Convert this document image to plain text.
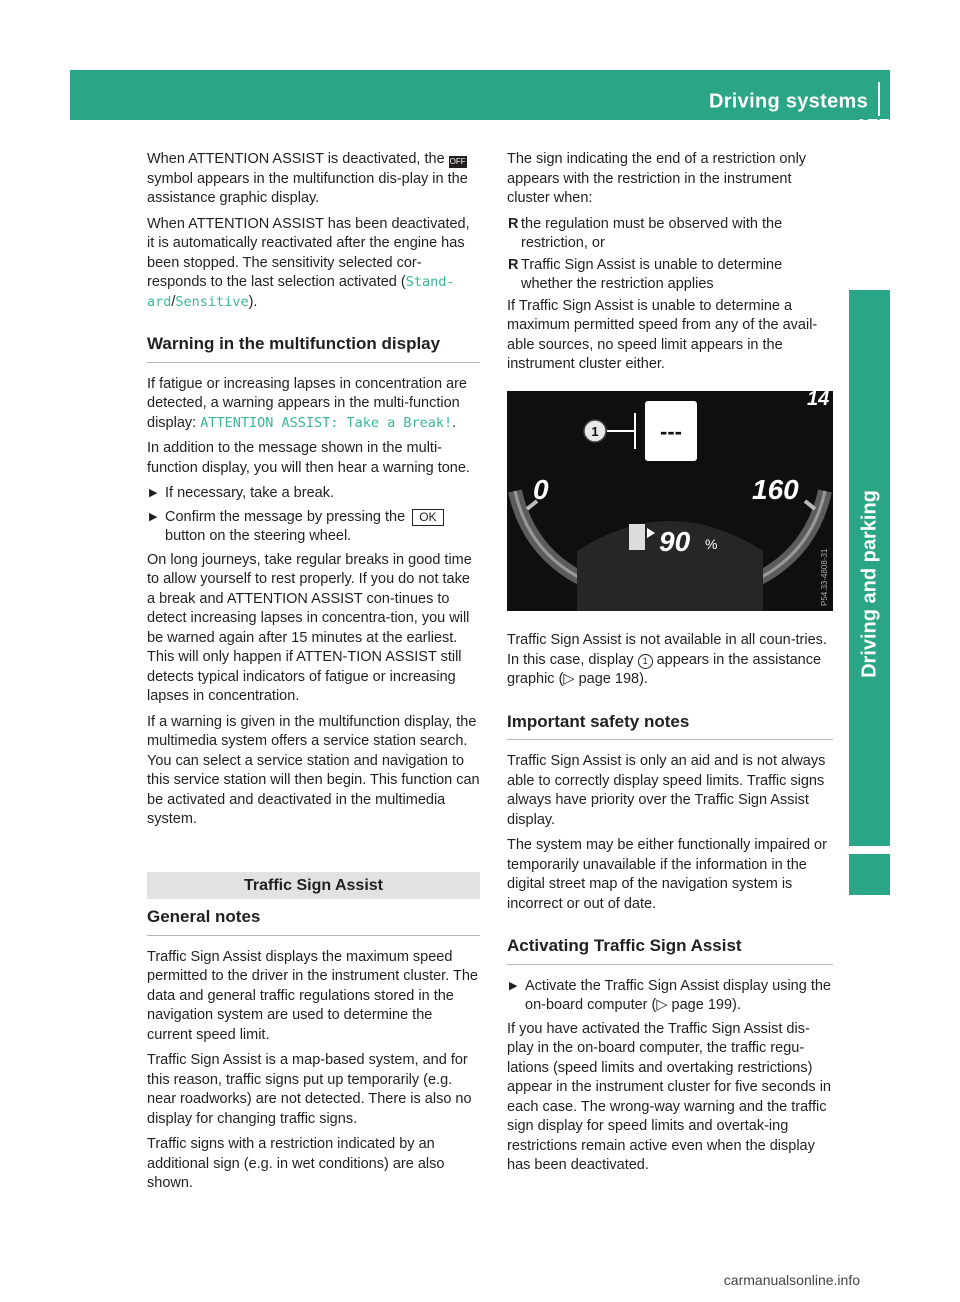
Driving systems177
Driving and parking

When ATTENTION ASSIST is deactivated, the OFF symbol appears in the multifunction dis-play in the assistance graphic display.

When ATTENTION ASSIST has been deactivated, it is automatically reactivated after the engine has been stopped. The sensitivity selected cor-responds to the last selection activated (Stand-ard/Sensitive).

Warning in the multifunction display

If fatigue or increasing lapses in concentration are detected, a warning appears in the multi-function display: ATTENTION ASSIST: Take a Break!.

In addition to the message shown in the multi-function display, you will then hear a warning tone.

▶ If necessary, take a break.
▶ Confirm the message by pressing the OK button on the steering wheel.

On long journeys, take regular breaks in good time to allow yourself to rest properly. If you do not take a break and ATTENTION ASSIST con-tinues to detect increasing lapses in concentra-tion, you will be warned again after 15 minutes at the earliest. This will only happen if ATTEN-TION ASSIST still detects typical indicators of fatigue or increasing lapses in concentration.

If a warning is given in the multifunction display, the multimedia system offers a service station search. You can select a service station and navigation to this service station will then begin. This function can be activated and deactivated in the multimedia system.

Traffic Sign Assist
General notes

Traffic Sign Assist displays the maximum speed permitted to the driver in the instrument cluster. The data and general traffic regulations stored in the navigation system are used to determine the current speed limit.

Traffic Sign Assist is a map-based system, and for this reason, traffic signs put up temporarily (e.g. near roadworks) are not detected. There is also no display for changing traffic signs.

Traffic signs with a restriction indicated by an additional sign (e.g. in wet conditions) are also shown.

The sign indicating the end of a restriction only appears with the restriction in the instrument cluster when:

R the regulation must be observed with the restriction, or
R Traffic Sign Assist is unable to determine whether the restriction applies

If Traffic Sign Assist is unable to determine a maximum permitted speed from any of the avail-able sources, no speed limit appears in the instrument cluster either.

90 %
0	160
14
---
1
P54.33-4808-31

Traffic Sign Assist is not available in all coun-tries. In this case, display 1 appears in the assistance graphic (▷ page 198).

Important safety notes

Traffic Sign Assist is only an aid and is not always able to correctly display speed limits. Traffic signs always have priority over the Traffic Sign Assist display.

The system may be either functionally impaired or temporarily unavailable if the information in the digital street map of the navigation system is incorrect or out of date.

Activating Traffic Sign Assist
▶ Activate the Traffic Sign Assist display using the on-board computer (▷ page 199).

If you have activated the Traffic Sign Assist dis-play in the on-board computer, the traffic regu-lations (speed limits and overtaking restrictions) appear in the instrument cluster for five seconds in each case. The wrong-way warning and the traffic sign display for speed limits and overtak-ing restrictions remain active even when the display has been deactivated.

carmanualsonline.info
